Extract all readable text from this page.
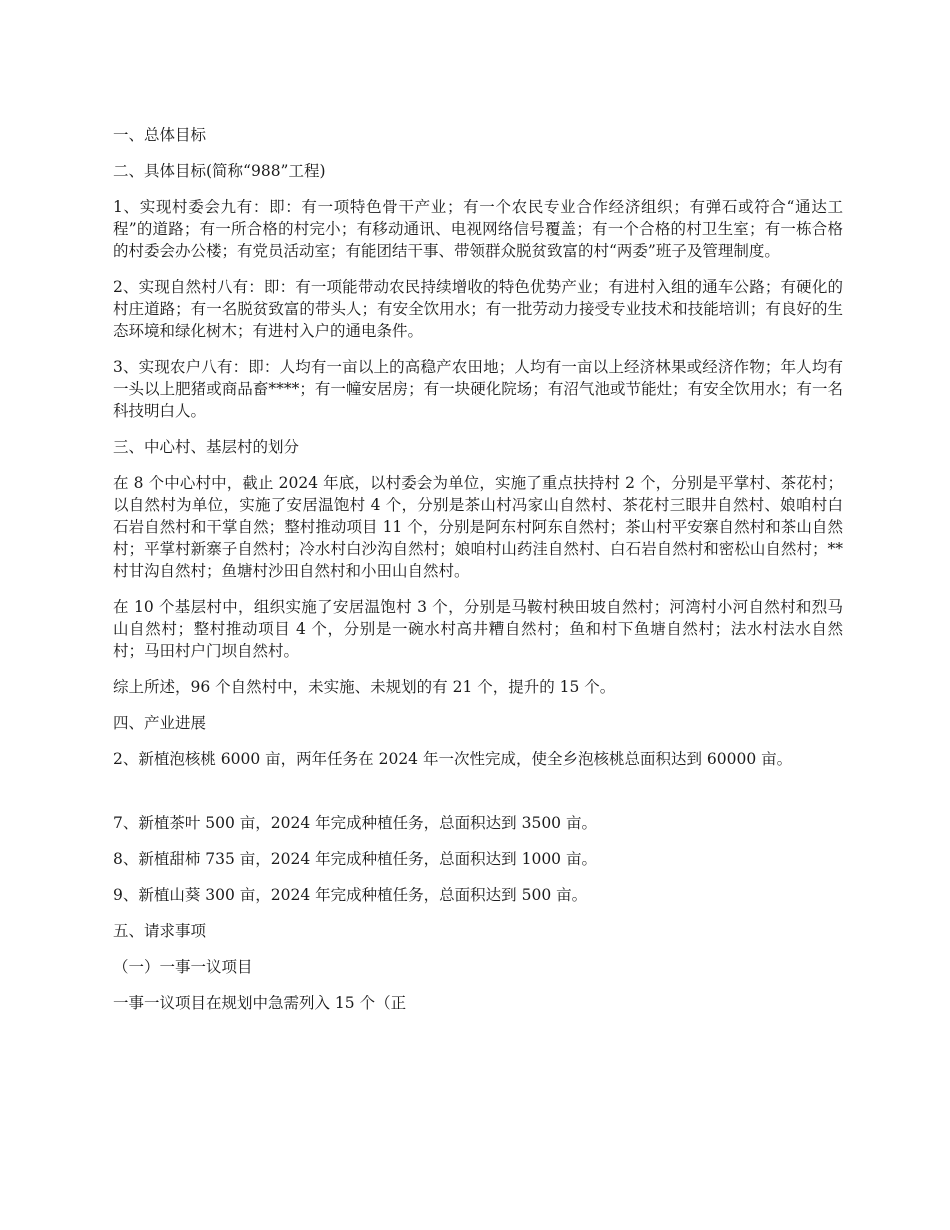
一、总体目标

二、具体目标(简称“988”工程)

1、实现村委会九有：即：有一项特色骨干产业；有一个农民专业合作经济组织；有弹石或符合“通达工程”的道路；有一所合格的村完小；有移动通讯、电视网络信号覆盖；有一个合格的村卫生室；有一栋合格的村委会办公楼；有党员活动室；有能团结干事、带领群众脱贫致富的村“两委”班子及管理制度。

2、实现自然村八有：即：有一项能带动农民持续增收的特色优势产业；有进村入组的通车公路；有硬化的村庄道路；有一名脱贫致富的带头人；有安全饮用水；有一批劳动力接受专业技术和技能培训；有良好的生态环境和绿化树木；有进村入户的通电条件。

3、实现农户八有：即：人均有一亩以上的高稳产农田地；人均有一亩以上经济林果或经济作物；年人均有一头以上肥猪或商品畜****；有一幢安居房；有一块硬化院场；有沼气池或节能灶；有安全饮用水；有一名科技明白人。

三、中心村、基层村的划分

在 8 个中心村中，截止 2024 年底，以村委会为单位，实施了重点扶持村 2 个，分别是平掌村、茶花村；以自然村为单位，实施了安居温饱村 4 个，分别是茶山村冯家山自然村、茶花村三眼井自然村、娘咱村白石岩自然村和干掌自然；整村推动项目 11 个，分别是阿东村阿东自然村；茶山村平安寨自然村和茶山自然村；平掌村新寨子自然村；冷水村白沙沟自然村；娘咱村山药洼自然村、白石岩自然村和密松山自然村；**村甘沟自然村；鱼塘村沙田自然村和小田山自然村。

在 10 个基层村中，组织实施了安居温饱村 3 个，分别是马鞍村秧田坡自然村；河湾村小河自然村和烈马山自然村；整村推动项目 4 个，分别是一碗水村高井糟自然村；鱼和村下鱼塘自然村；法水村法水自然村；马田村户门坝自然村。

综上所述，96 个自然村中，未实施、未规划的有 21 个，提升的 15 个。

四、产业进展

2、新植泡核桃 6000 亩，两年任务在 2024 年一次性完成，使全乡泡核桃总面积达到 60000 亩。

7、新植茶叶 500 亩，2024 年完成种植任务，总面积达到 3500 亩。

8、新植甜柿 735 亩，2024 年完成种植任务，总面积达到 1000 亩。

9、新植山葵 300 亩，2024 年完成种植任务，总面积达到 500 亩。

五、请求事项

（一）一事一议项目

一事一议项目在规划中急需列入 15 个（正
